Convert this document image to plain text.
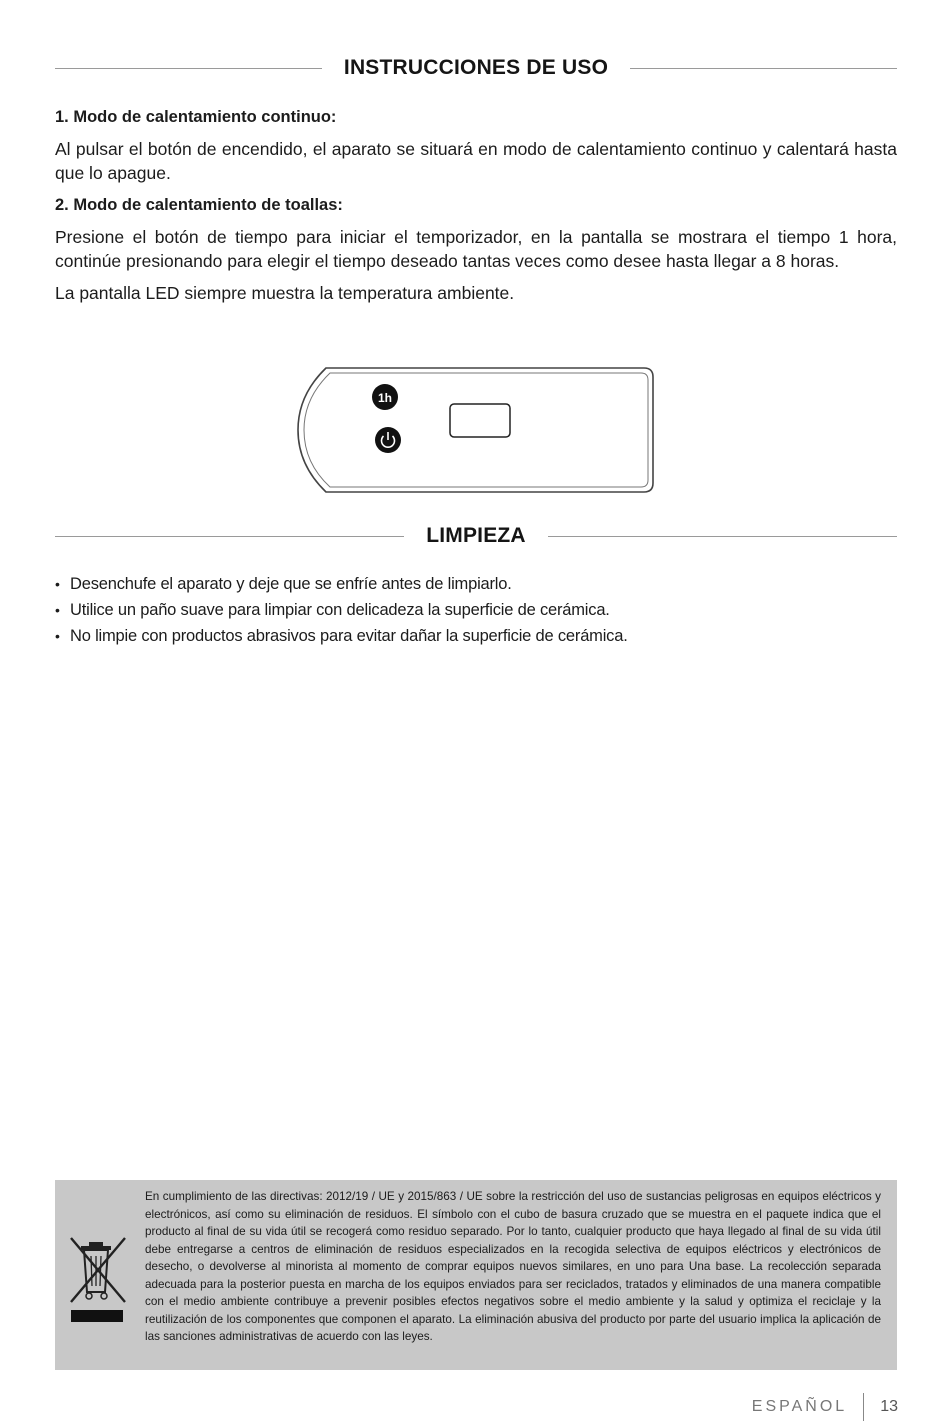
INSTRUCCIONES DE USO

1. Modo de calentamiento continuo:

Al pulsar el botón de encendido, el aparato se situará en modo de calentamiento continuo y calentará hasta que lo apague.

2. Modo de calentamiento de toallas:

Presione el botón de tiempo para iniciar el temporizador, en la pantalla se mostrara el tiempo 1 hora, continúe presionando para elegir el tiempo deseado tantas veces como desee hasta llegar a 8 horas.

La pantalla LED siempre muestra la temperatura ambiente.

1h
LIMPIEZA
• Desenchufe el aparato y deje que se enfríe antes de limpiarlo.
• Utilice un paño suave para limpiar con delicadeza la superficie de cerámica.
• No limpie con productos abrasivos para evitar dañar la superficie de cerámica.
En cumplimiento de las directivas: 2012/19 / UE y 2015/863 / UE sobre la restricción del uso de sustancias peligrosas en equipos eléctricos y electrónicos, así como su eliminación de residuos. El símbolo con el cubo de basura cruzado que se muestra en el paquete indica que el producto al final de su vida útil se recogerá como residuo separado. Por lo tanto, cualquier producto que haya llegado al final de su vida útil debe entregarse a centros de eliminación de residuos especializados en la recogida selectiva de equipos eléctricos y electrónicos de desecho, o devolverse al minorista al momento de comprar equipos nuevos similares, en uno para Una base. La recolección separada adecuada para la posterior puesta en marcha de los equipos enviados para ser reciclados, tratados y eliminados de una manera compatible con el medio ambiente contribuye a prevenir posibles efectos negativos sobre el medio ambiente y la salud y optimiza el reciclaje y la reutilización de los componentes que componen el aparato. La eliminación abusiva del producto por parte del usuario implica la aplicación de las sanciones administrativas de acuerdo con las leyes.
ESPAÑOL 13
